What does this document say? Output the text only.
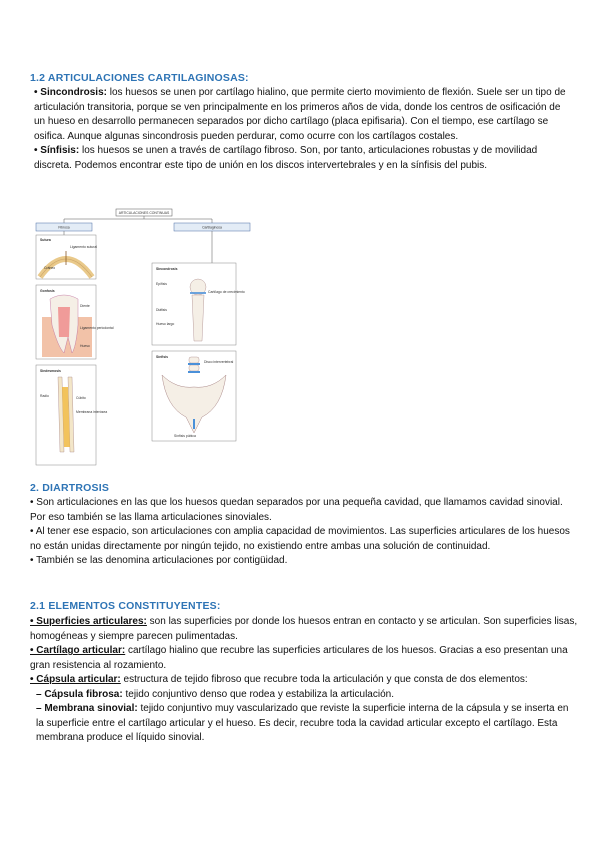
1.2 ARTICULACIONES CARTILAGINOSAS:

• Sincondrosis: los huesos se unen por cartílago hialino, que permite cierto movimiento de flexión. Suele ser un tipo de articulación transitoria, porque se ven principalmente en los primeros años de vida, donde los centros de osificación de un hueso en desarrollo permanecen separados por dicho cartílago (placa epifisaria). Con el tiempo, ese cartílago se osifica. Aunque algunas sincondrosis pueden perdurar, como ocurre con los cartílagos costales.

• Sínfisis: los huesos se unen a través de cartílago fibroso. Son, por tanto, articulaciones robustas y de movilidad discreta. Podemos encontrar este tipo de unión en los discos intervertebrales y en la sínfisis del pubis.

ARTICULACIONES CONTINUAS
Fibrosa	Cartilaginosa
Sutura
Ligamento sutural
Cráneo
Gonfosis
Diente
Ligamento periodontal
Hueso
Sindesmosis
Radio	Cúbito
Membrana interósea
Sincondrosis
Epífisis
Diáfisis
Cartílago de crecimiento
Hueso largo
Sínfisis
Disco intervertebral
Sínfisis púbica
2. DIARTROSIS

• Son articulaciones en las que los huesos quedan separados por una pequeña cavidad, que llamamos cavidad sinovial. Por eso también se las llama articulaciones sinoviales.

• Al tener ese espacio, son articulaciones con amplia capacidad de movimientos. Las superficies articulares de los huesos no están unidas directamente por ningún tejido, no existiendo entre ambas una solución de continuidad.

• También se las denomina articulaciones por contigüidad.

2.1 ELEMENTOS CONSTITUYENTES:

• Superficies articulares: son las superficies por donde los huesos entran en contacto y se articulan. Son superficies lisas, homogéneas y siempre parecen pulimentadas.

• Cartílago articular: cartílago hialino que recubre las superficies articulares de los huesos. Gracias a eso presentan una gran resistencia al rozamiento.

• Cápsula articular: estructura de tejido fibroso que recubre toda la articulación y que consta de dos elementos:

– Cápsula fibrosa: tejido conjuntivo denso que rodea y estabiliza la articulación.

– Membrana sinovial: tejido conjuntivo muy vascularizado que reviste la superficie interna de la cápsula y se inserta en la superficie entre el cartílago articular y el hueso. Es decir, recubre toda la cavidad articular excepto el cartílago. Esta membrana produce el líquido sinovial.
